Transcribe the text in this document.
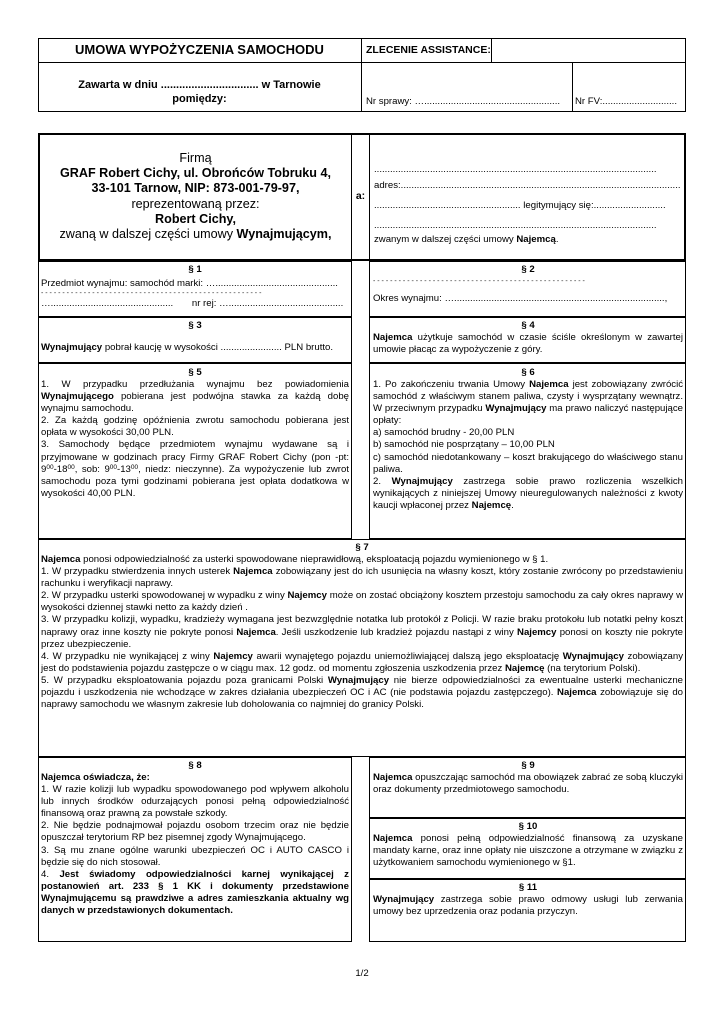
UMOWA WYPOŻYCZENIA SAMOCHODU	ZLECENIE ASSISTANCE:
Zawarta w dniu ................................ w Tarnowie
pomiędzy:	Nr sprawy: …...................................................	Nr FV:............................
Firmą
GRAF Robert Cichy, ul. Obrońców Tobruku 4,
33-101 Tarnow, NIP: 873-001-79-97,
reprezentowaną przez:
Robert Cichy,
zwaną w dalszej części umowy Wynajmującym,
a:
..........................................................................................................
adres:.........................................................................................................
....................................................... legitymujący się:...........................
..........................................................................................................
zwanym w dalszej części umowy Najemcą.
§ 1
Przedmiot wynajmu: samochód marki: …..............................................
- - - - - - - - - - - - - - - - - - - - - - - - - - - - - - - - - - - - - - - - - - - - - - - - - - - -
…..............................................       nr rej: …...........................................
§ 2
- - - - - - - - - - - - - - - - - - - - - - - - - - - - - - - - - - - - - - - - - - - - - - - - - -
Okres wynajmu: …...............................................................................,
§ 3
Wynajmujący pobrał kaucję w wysokości ....................... PLN brutto.
§ 4
Najemca użytkuje samochód w czasie ściśle określonym w zawartej umowie płacąc za wypożyczenie z góry.
§ 5

1. W przypadku przedłużania wynajmu bez powiadomienia Wynajmującego pobierana jest podwójna stawka za każdą dobę wynajmu samochodu.

2. Za każdą godzinę opóźnienia zwrotu samochodu pobierana jest opłata w wysokości 30,00 PLN.

3. Samochody będące przedmiotem wynajmu wydawane są i przyjmowane w godzinach pracy Firmy GRAF Robert Cichy (pon -pt: $9^{00}-18^{00}$, sob: $9^{00}-13^{00}$, niedz: nieczynne). Za wypożyczenie lub zwrot samochodu poza tymi godzinami pobierana jest opłata dodatkowa w wysokości 40,00 PLN.

§ 6

1. Po zakończeniu trwania Umowy Najemca jest zobowiązany zwrócić samochód z właściwym stanem paliwa, czysty i wysprzątany wewnątrz. W przeciwnym przypadku Wynajmujący ma prawo naliczyć następujące opłaty:

a) samochód brudny - 20,00 PLN

b) samochód nie posprzątany – 10,00 PLN

c) samochód niedotankowany – koszt brakującego do właściwego stanu paliwa.

2. Wynajmujący zastrzega sobie prawo rozliczenia wszelkich wynikających z niniejszej Umowy nieuregulowanych należności z kwoty kaucji wpłaconej przez Najemcę.

§ 7

Najemca ponosi odpowiedzialność za usterki spowodowane nieprawidłową, eksploatacją pojazdu wymienionego w § 1.

1. W przypadku stwierdzenia innych usterek Najemca zobowiązany jest do ich usunięcia na własny koszt, który zostanie zwrócony po przedstawieniu rachunku i weryfikacji naprawy.

2. W przypadku usterki spowodowanej w wypadku z winy Najemcy może on zostać obciążony kosztem przestoju samochodu za cały okres naprawy w wysokości dziennej stawki netto za każdy dzień .

3. W przypadku kolizji, wypadku, kradzieży wymagana jest bezwzględnie notatka lub protokół z Policji. W razie braku protokołu lub notatki pełny koszt naprawy oraz inne koszty nie pokryte ponosi Najemca. Jeśli uszkodzenie lub kradzież pojazdu nastąpi z winy Najemcy ponosi on koszty nie pokryte przez ubezpieczenie.

4. W przypadku nie wynikającej z winy Najemcy awarii wynajętego pojazdu uniemożliwiającej dalszą jego eksploatację Wynajmujący zobowiązany jest do podstawienia pojazdu zastępcze o w ciągu max. 12 godz. od momentu zgłoszenia uszkodzenia przez Najemcę (na terytorium Polski).

5. W przypadku eksploatowania pojazdu poza granicami Polski Wynajmujący nie bierze odpowiedzialności za ewentualne usterki mechaniczne pojazdu i uszkodzenia nie wchodzące w zakres działania ubezpieczeń OC i AC (nie podstawia pojazdu zastępczego). Najemca zobowiązuje się do naprawy samochodu we własnym zakresie lub doholowania co najmniej do granicy Polski.

§ 8

Najemca oświadcza, że:

1. W razie kolizji lub wypadku spowodowanego pod wpływem alkoholu lub innych środków odurzających ponosi pełną odpowiedzialność finansową oraz prawną za powstałe szkody.

2. Nie będzie podnajmował pojazdu osobom trzecim oraz nie będzie opuszczał terytorium RP bez pisemnej zgody Wynajmującego.

3. Są mu znane ogólne warunki ubezpieczeń OC i AUTO CASCO i będzie się do nich stosował.

4. Jest świadomy odpowiedzialności karnej wynikającej z postanowień art. 233 § 1 KK i dokumenty przedstawione Wynajmującemu są prawdziwe a adres zamieszkania aktualny wg danych w przedstawionych dokumentach.

§ 9

Najemca opuszczając samochód ma obowiązek zabrać ze sobą kluczyki oraz dokumenty przedmiotowego samochodu.

§ 10

Najemca ponosi pełną odpowiedzialność finansową za uzyskane mandaty karne, oraz inne opłaty nie uiszczone a otrzymane w związku z użytkowaniem samochodu wymienionego w §1.

§ 11

Wynajmujący zastrzega sobie prawo odmowy usługi lub zerwania umowy bez uprzedzenia oraz podania przyczyn.

1/2
